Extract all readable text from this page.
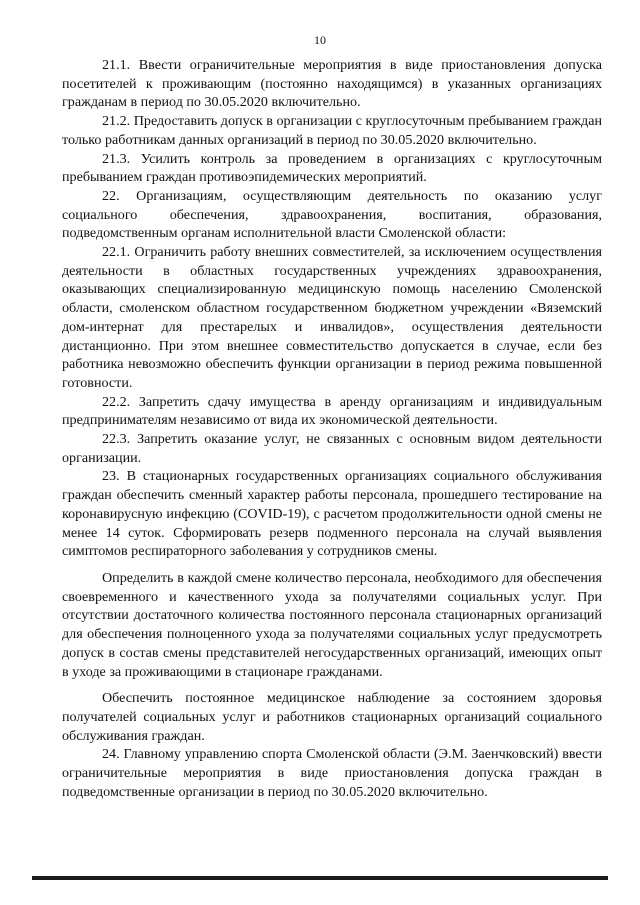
10

21.1. Ввести ограничительные мероприятия в виде приостановления допуска посетителей к проживающим (постоянно находящимся) в указанных организациях гражданам в период по 30.05.2020 включительно.

21.2. Предоставить допуск в организации с круглосуточным пребыванием граждан только работникам данных организаций в период по 30.05.2020 включительно.

21.3. Усилить контроль за проведением в организациях с круглосуточным пребыванием граждан противоэпидемических мероприятий.

22. Организациям, осуществляющим деятельность по оказанию услуг социального обеспечения, здравоохранения, воспитания, образования, подведомственным органам исполнительной власти Смоленской области:

22.1. Ограничить работу внешних совместителей, за исключением осуществления деятельности в областных государственных учреждениях здравоохранения, оказывающих специализированную медицинскую помощь населению Смоленской области, смоленском областном государственном бюджетном учреждении «Вяземский дом-интернат для престарелых и инвалидов», осуществления деятельности дистанционно. При этом внешнее совместительство допускается в случае, если без работника невозможно обеспечить функции организации в период режима повышенной готовности.

22.2. Запретить сдачу имущества в аренду организациям и индивидуальным предпринимателям независимо от вида их экономической деятельности.

22.3. Запретить оказание услуг, не связанных с основным видом деятельности организации.

23. В стационарных государственных организациях социального обслуживания граждан обеспечить сменный характер работы персонала, прошедшего тестирование на коронавирусную инфекцию (COVID-19), с расчетом продолжительности одной смены не менее 14 суток. Сформировать резерв подменного персонала на случай выявления симптомов респираторного заболевания у сотрудников смены.

Определить в каждой смене количество персонала, необходимого для обеспечения своевременного и качественного ухода за получателями социальных услуг. При отсутствии достаточного количества постоянного персонала стационарных организаций для обеспечения полноценного ухода за получателями социальных услуг предусмотреть допуск в состав смены представителей негосударственных организаций, имеющих опыт в уходе за проживающими в стационаре гражданами.

Обеспечить постоянное медицинское наблюдение за состоянием здоровья получателей социальных услуг и работников стационарных организаций социального обслуживания граждан.

24. Главному управлению спорта Смоленской области (Э.М. Заенчковский) ввести ограничительные мероприятия в виде приостановления допуска граждан в подведомственные организации в период по 30.05.2020 включительно.
